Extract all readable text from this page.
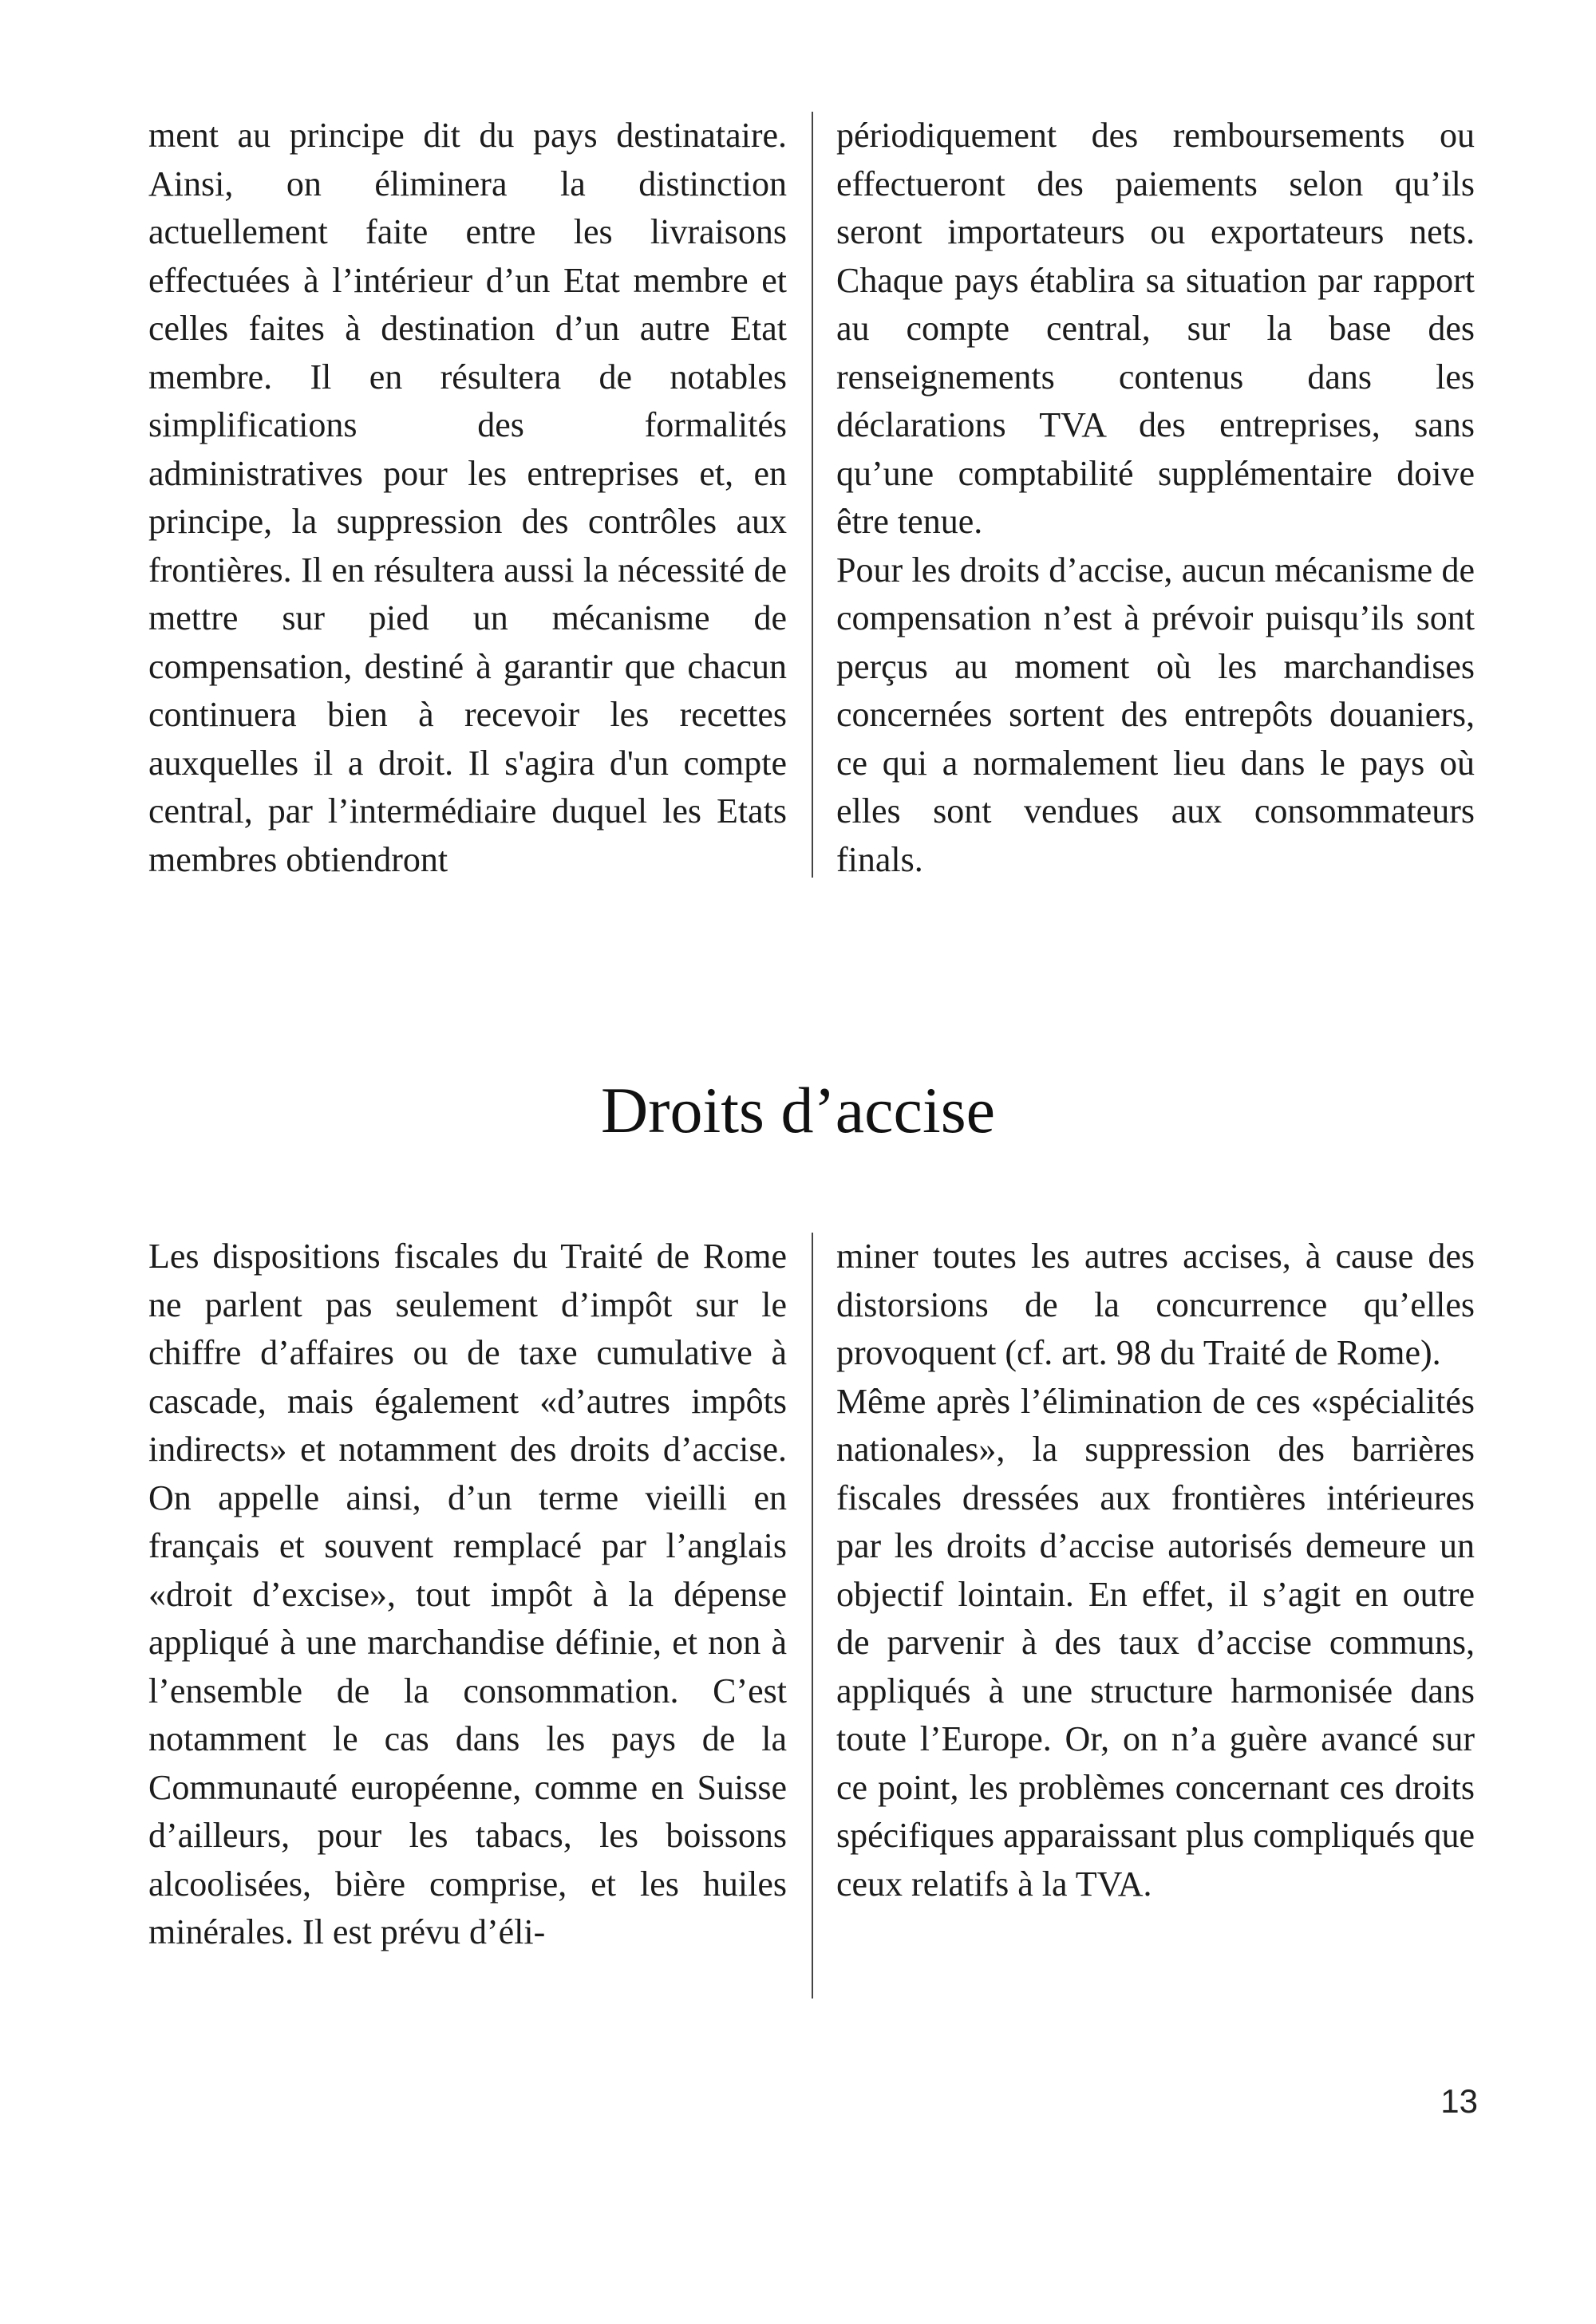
ment au principe dit du pays destinataire. Ainsi, on éliminera la distinction actuellement faite entre les livraisons effectuées à l’intérieur d’un Etat membre et celles faites à destination d’un autre Etat membre. Il en résultera de notables simplifications des formalités administratives pour les entreprises et, en principe, la suppression des contrôles aux frontières. Il en résultera aussi la nécessité de mettre sur pied un mécanisme de compensation, destiné à garantir que chacun continuera bien à recevoir les recettes auxquelles il a droit. Il s'agira d'un compte central, par l’intermédiaire duquel les Etats membres obtiendront

périodiquement des remboursements ou effectueront des paiements selon qu’ils seront importateurs ou exportateurs nets. Chaque pays établira sa situation par rapport au compte central, sur la base des renseignements contenus dans les déclarations TVA des entreprises, sans qu’une comptabilité supplémentaire doive être tenue.

Pour les droits d’accise, aucun mécanisme de compensation n’est à prévoir puisqu’ils sont perçus au moment où les marchandises concernées sortent des entrepôts douaniers, ce qui a normalement lieu dans le pays où elles sont vendues aux consommateurs finals.

Droits d’accise

Les dispositions fiscales du Traité de Rome ne parlent pas seulement d’impôt sur le chiffre d’affaires ou de taxe cumulative à cascade, mais également «d’autres impôts indirects» et notamment des droits d’accise. On appelle ainsi, d’un terme vieilli en français et souvent remplacé par l’anglais «droit d’excise», tout impôt à la dépense appliqué à une marchandise définie, et non à l’ensemble de la consommation. C’est notamment le cas dans les pays de la Communauté européenne, comme en Suisse d’ailleurs, pour les tabacs, les boissons alcoolisées, bière comprise, et les huiles minérales. Il est prévu d’éli-

miner toutes les autres accises, à cause des distorsions de la concurrence qu’elles provoquent (cf. art. 98 du Traité de Rome).

Même après l’élimination de ces «spécialités nationales», la suppression des barrières fiscales dressées aux frontières intérieures par les droits d’accise autorisés demeure un objectif lointain. En effet, il s’agit en outre de parvenir à des taux d’accise communs, appliqués à une structure harmonisée dans toute l’Europe. Or, on n’a guère avancé sur ce point, les problèmes concernant ces droits spécifiques apparaissant plus compliqués que ceux relatifs à la TVA.

13
